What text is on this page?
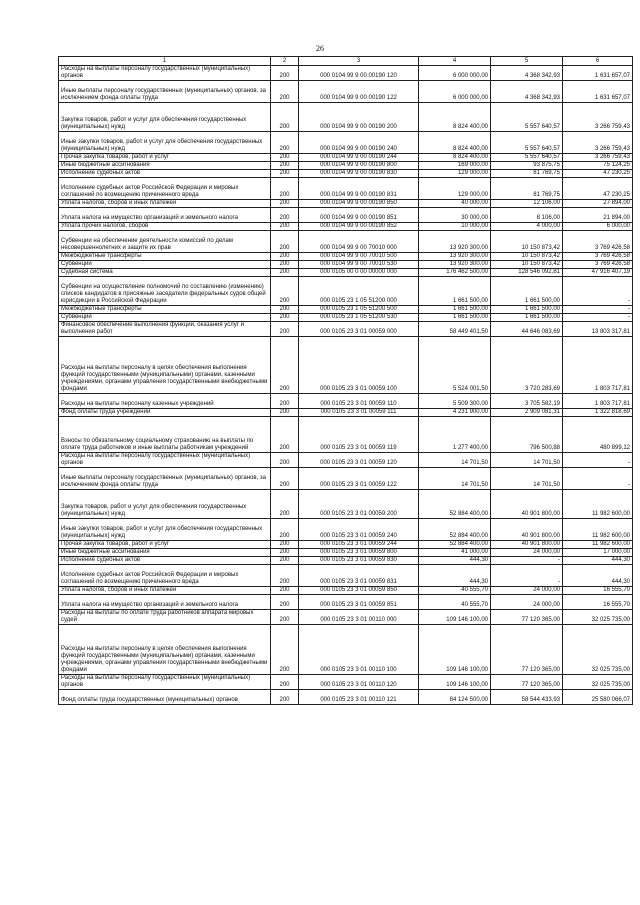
26
1	2	3	4	5	6
Расходы на выплаты персоналу государственных (муниципальных) органов	200	000 0104 99 9 00 00190 120	6 000 000,00	4 368 342,93	1 631 657,07
Иные выплаты персоналу государственных (муниципальных) органов, за исключением фонда оплаты труда	200	000 0104 99 9 00 00190 122	6 000 000,00	4 368 342,93	1 631 657,07
Закупка товаров, работ и услуг для обеспечения государственных (муниципальных) нужд	200	000 0104 99 9 00 00190 200	8 824 400,00	5 557 640,57	3 266 759,43
Иные закупки товаров, работ и услуг для обеспечения государственных (муниципальных) нужд	200	000 0104 99 9 00 00190 240	8 824 400,00	5 557 640,57	3 266 759,43
Прочая закупка товаров, работ и услуг	200	000 0104 99 9 00 00190 244	8 824 400,00	5 557 640,57	3 266 759,43
Иные бюджетные ассигнования	200	000 0104 99 9 00 00190 800	169 000,00	93 875,75	75 124,25
Исполнение судебных актов	200	000 0104 99 9 00 00190 830	129 000,00	81 769,75	47 230,25
Исполнение судебных актов Российской Федерации и мировых соглашений по возмещению причиненного вреда	200	000 0104 99 9 00 00190 831	129 000,00	81 769,75	47 230,25
Уплата налогов, сборов и иных платежей	200	000 0104 99 9 00 00190 850	40 000,00	12 106,00	27 894,00
Уплата налога на имущество организаций и земельного налога	200	000 0104 99 9 00 00190 851	30 000,00	8 106,00	21 894,00
Уплата прочих налогов, сборов	200	000 0104 99 9 00 00190 852	10 000,00	4 000,00	6 000,00
Субвенции на обеспечение деятельности комиссий по делам несовершеннолетних и защите их прав	200	000 0104 99 9 00 70010 000	13 920 300,00	10 150 873,42	3 769 426,58
Межбюджетные трансферты	200	000 0104 99 9 00 70010 500	13 920 300,00	10 150 873,42	3 769 426,58
Субвенции	200	000 0104 99 9 00 70010 530	13 920 300,00	10 150 873,42	3 769 426,58
Судебная система	200	000 0105 00 0 00 00000 000	176 462 500,00	128 546 092,81	47 916 407,19
Субвенции на осуществление полномочий по составлению (изменению) списков кандидатов в присяжные заседатели федеральных судов общей юрисдикции в Российской Федерации	200	000 0105 23 1 05 51200 000	1 661 500,00	1 661 500,00	-
Межбюджетные трансферты	200	000 0105 23 1 05 51200 500	1 661 500,00	1 661 500,00	-
Субвенции	200	000 0105 23 1 05 51200 530	1 661 500,00	1 661 500,00	-
Финансовое обеспечение выполнения функций, оказания услуг и выполнения работ	200	000 0105 23 3 01 00059 000	58 449 401,50	44 646 083,69	13 803 317,81
Расходы на выплаты персоналу в целях обеспечения выполнения функций государственными (муниципальными) органами, казенными учреждениями, органами управления государственными внебюджетными фондами	200	000 0105 23 3 01 00059 100	5 524 001,50	3 720 283,69	1 803 717,81
Расходы на выплаты персоналу казенных учреждений	200	000 0105 23 3 01 00059 110	5 509 300,00	3 705 582,19	1 803 717,81
Фонд оплаты труда учреждений	200	000 0105 23 3 01 00059 111	4 231 900,00	2 909 081,31	1 322 818,69
Взносы по обязательному социальному страхованию на выплаты по оплате труда работников и иные выплаты работникам учреждений	200	000 0105 23 3 01 00059 119	1 277 400,00	796 500,88	480 899,12
Расходы на выплаты персоналу государственных (муниципальных) органов	200	000 0105 23 3 01 00059 120	14 701,50	14 701,50	-
Иные выплаты персоналу государственных (муниципальных) органов, за исключением фонда оплаты труда	200	000 0105 23 3 01 00059 122	14 701,50	14 701,50	-
Закупка товаров, работ и услуг для обеспечения государственных (муниципальных) нужд	200	000 0105 23 3 01 00059 200	52 884 400,00	40 901 800,00	11 982 600,00
Иные закупки товаров, работ и услуг для обеспечения государственных (муниципальных) нужд	200	000 0105 23 3 01 00059 240	52 884 400,00	40 901 800,00	11 982 600,00
Прочая закупка товаров, работ и услуг	200	000 0105 23 3 01 00059 244	52 884 400,00	40 901 800,00	11 982 600,00
Иные бюджетные ассигнования	200	000 0105 23 3 01 00059 800	41 000,00	24 000,00	17 000,00
Исполнение судебных актов	200	000 0105 23 3 01 00059 830	444,30	-	444,30
Исполнение судебных актов Российской Федерации и мировых соглашений по возмещению причиненного вреда	200	000 0105 23 3 01 00059 831	444,30	-	444,30
Уплата налогов, сборов и иных платежей	200	000 0105 23 3 01 00059 850	40 555,70	24 000,00	16 555,70
Уплата налога на имущество организаций и земельного налога	200	000 0105 23 3 01 00059 851	40 555,70	24 000,00	16 555,70
Расходы на выплаты по оплате труда работников аппарата мировых судей	200	000 0105 23 3 01 00110 000	109 146 100,00	77 120 365,00	32 025 735,00
Расходы на выплаты персоналу в целях обеспечения выполнения функций государственными (муниципальными) органами, казенными учреждениями, органами управления государственными внебюджетными фондами	200	000 0105 23 3 01 00110 100	109 146 100,00	77 120 365,00	32 025 735,00
Расходы на выплаты персоналу государственных (муниципальных) органов	200	000 0105 23 3 01 00110 120	109 146 100,00	77 120 365,00	32 025 735,00
Фонд оплаты труда государственных (муниципальных) органов	200	000 0105 23 3 01 00110 121	84 124 500,00	58 544 433,93	25 580 066,07
